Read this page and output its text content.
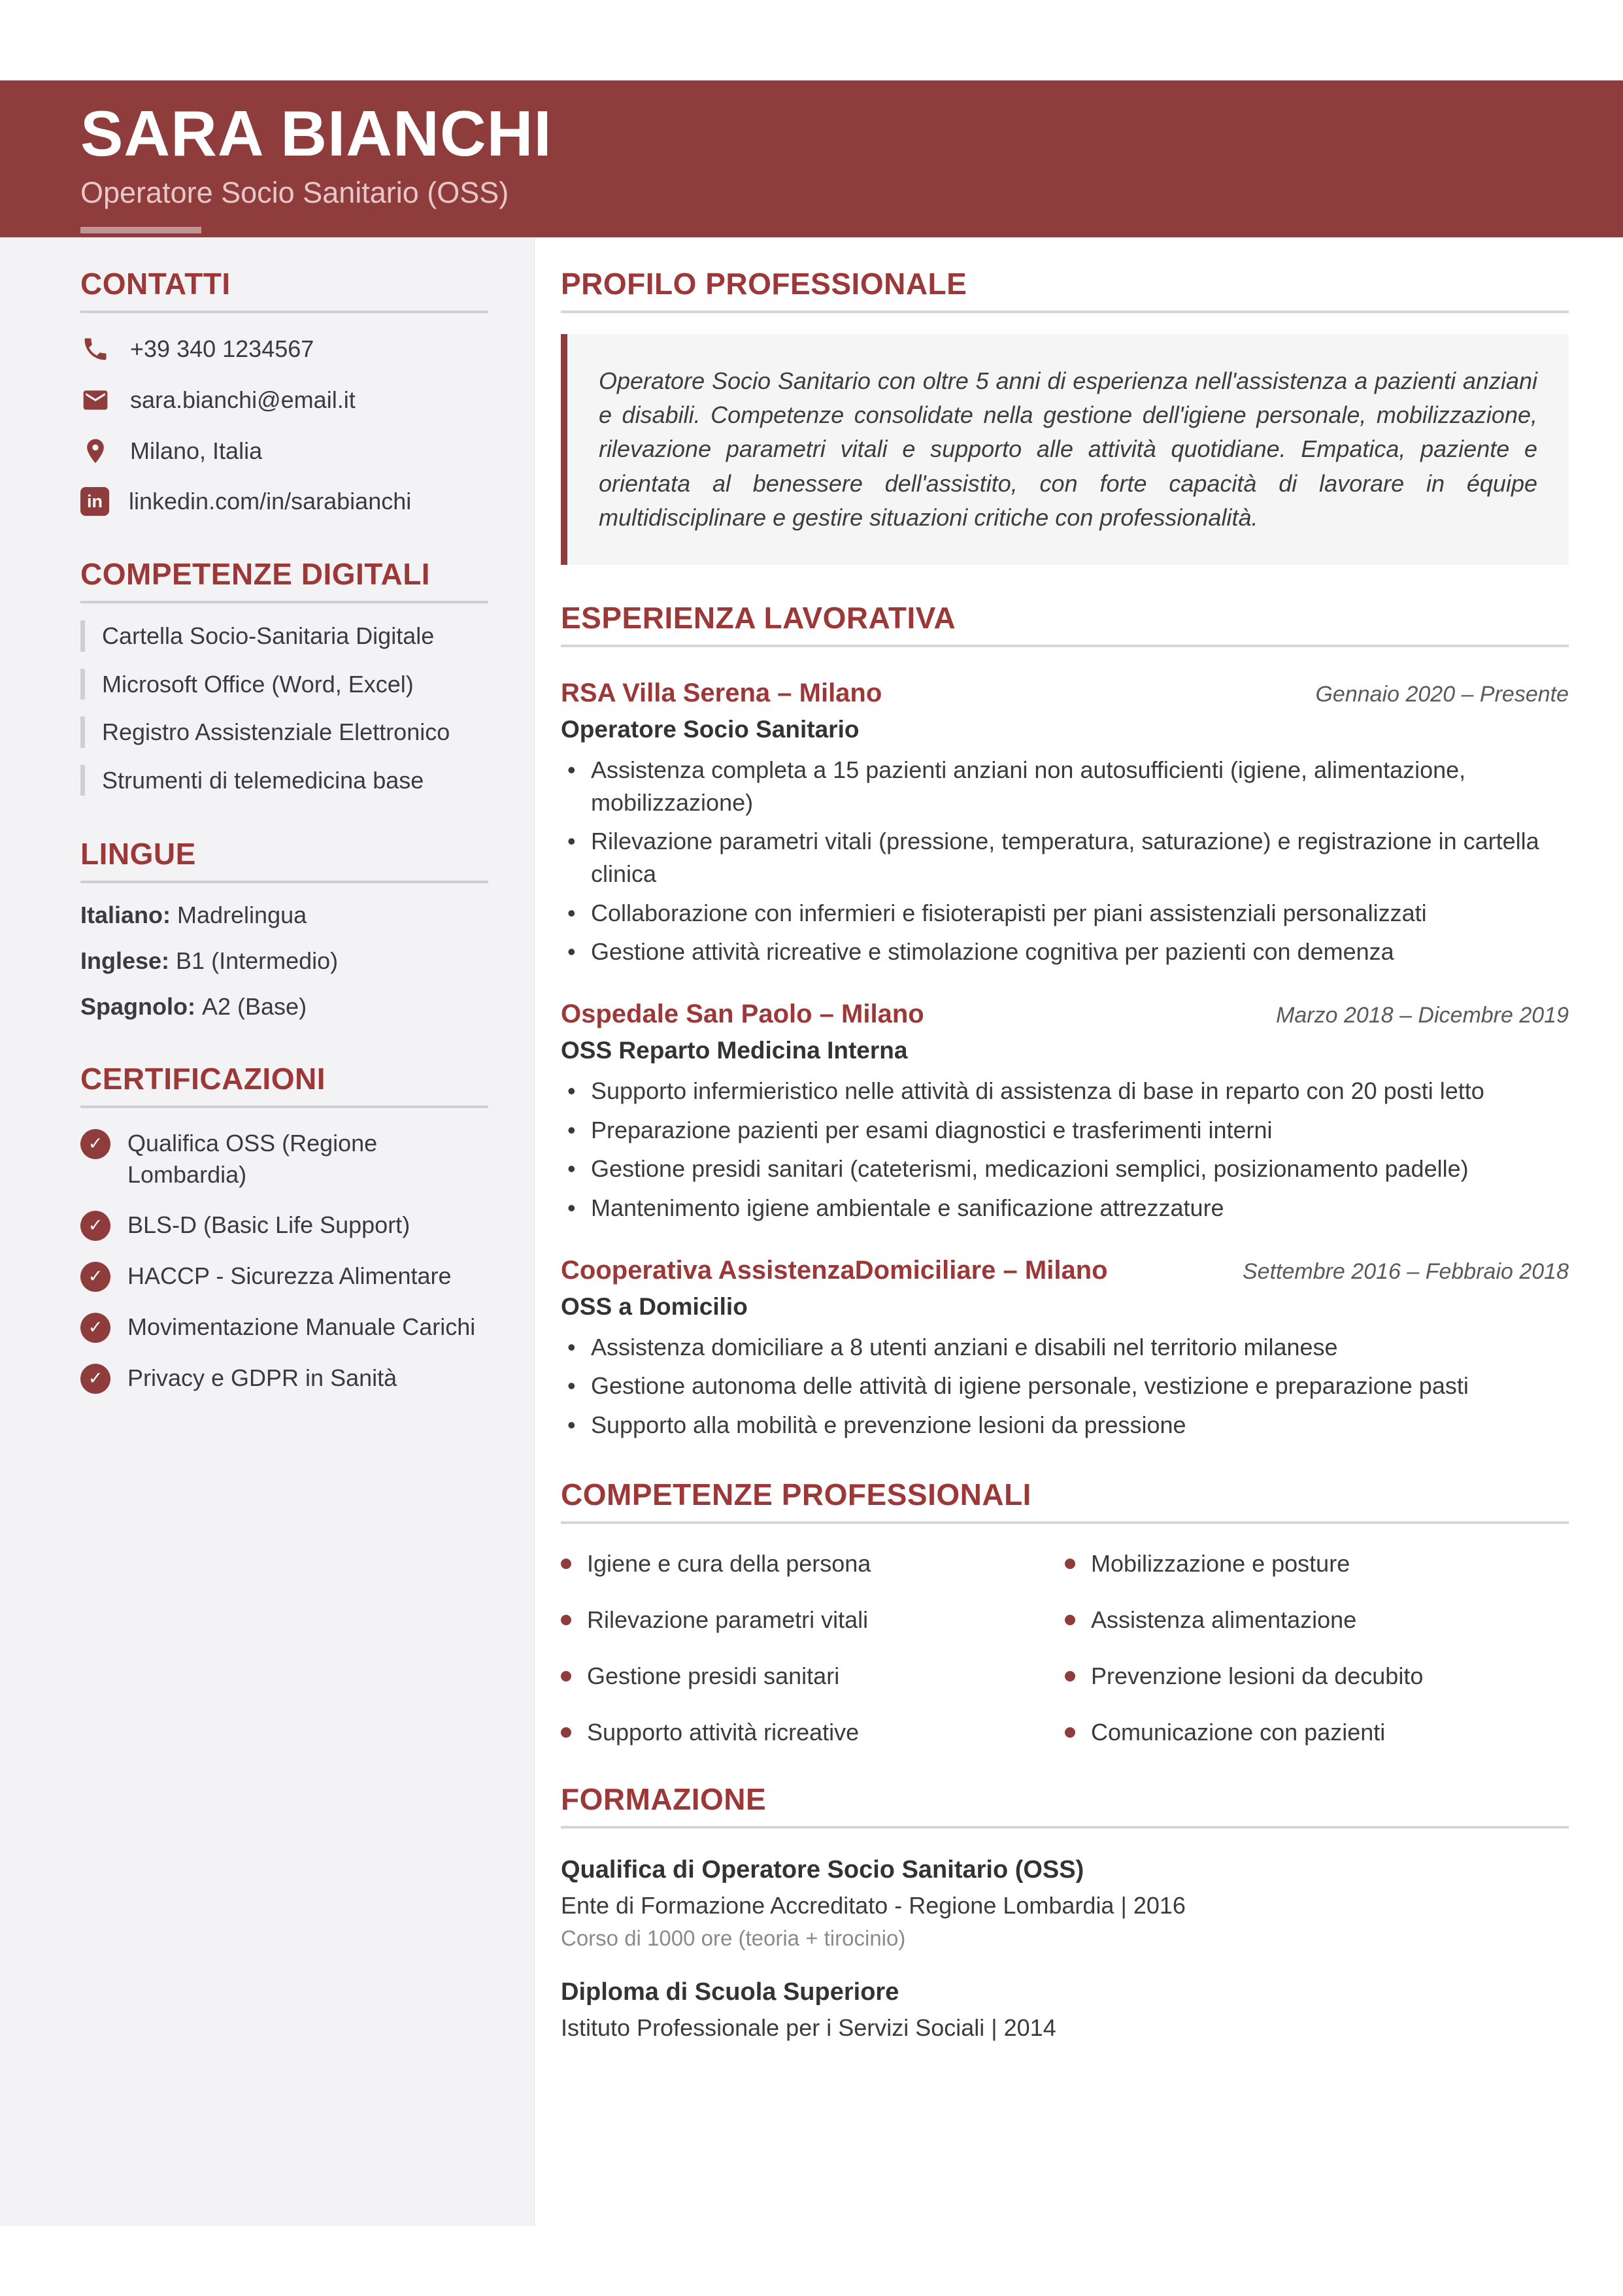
SARA BIANCHI
Operatore Socio Sanitario (OSS)
CONTATTI
+39 340 1234567
sara.bianchi@email.it
Milano, Italia
in linkedin.com/in/sarabianchi
COMPETENZE DIGITALI
Cartella Socio-Sanitaria Digitale
Microsoft Office (Word, Excel)
Registro Assistenziale Elettronico
Strumenti di telemedicina base
LINGUE
Italiano: Madrelingua
Inglese: B1 (Intermedio)
Spagnolo: A2 (Base)
CERTIFICAZIONI
✓	Qualifica OSS (Regione Lombardia)
✓	BLS-D (Basic Life Support)
✓	HACCP - Sicurezza Alimentare
✓	Movimentazione Manuale Carichi
✓	Privacy e GDPR in Sanità
PROFILO PROFESSIONALE
Operatore Socio Sanitario con oltre 5 anni di esperienza nell'assistenza a pazienti anziani e disabili. Competenze consolidate nella gestione dell'igiene personale, mobilizzazione, rilevazione parametri vitali e supporto alle attività quotidiane. Empatica, paziente e orientata al benessere dell'assistito, con forte capacità di lavorare in équipe multidisciplinare e gestire situazioni critiche con professionalità.
ESPERIENZA LAVORATIVA
RSA Villa Serena – Milano	Gennaio 2020 – Presente
Operatore Socio Sanitario
• Assistenza completa a 15 pazienti anziani non autosufficienti (igiene, alimentazione, mobilizzazione)
• Rilevazione parametri vitali (pressione, temperatura, saturazione) e registrazione in cartella clinica
• Collaborazione con infermieri e fisioterapisti per piani assistenziali personalizzati
• Gestione attività ricreative e stimolazione cognitiva per pazienti con demenza
Ospedale San Paolo – Milano	Marzo 2018 – Dicembre 2019
OSS Reparto Medicina Interna
• Supporto infermieristico nelle attività di assistenza di base in reparto con 20 posti letto
• Preparazione pazienti per esami diagnostici e trasferimenti interni
• Gestione presidi sanitari (cateterismi, medicazioni semplici, posizionamento padelle)
• Mantenimento igiene ambientale e sanificazione attrezzature
Cooperativa AssistenzaDomiciliare – Milano	Settembre 2016 – Febbraio 2018
OSS a Domicilio
• Assistenza domiciliare a 8 utenti anziani e disabili nel territorio milanese
• Gestione autonoma delle attività di igiene personale, vestizione e preparazione pasti
• Supporto alla mobilità e prevenzione lesioni da pressione
COMPETENZE PROFESSIONALI
Igiene e cura della persona	Mobilizzazione e posture
Rilevazione parametri vitali	Assistenza alimentazione
Gestione presidi sanitari	Prevenzione lesioni da decubito
Supporto attività ricreative	Comunicazione con pazienti
FORMAZIONE
Qualifica di Operatore Socio Sanitario (OSS)
Ente di Formazione Accreditato - Regione Lombardia | 2016
Corso di 1000 ore (teoria + tirocinio)
Diploma di Scuola Superiore
Istituto Professionale per i Servizi Sociali | 2014
